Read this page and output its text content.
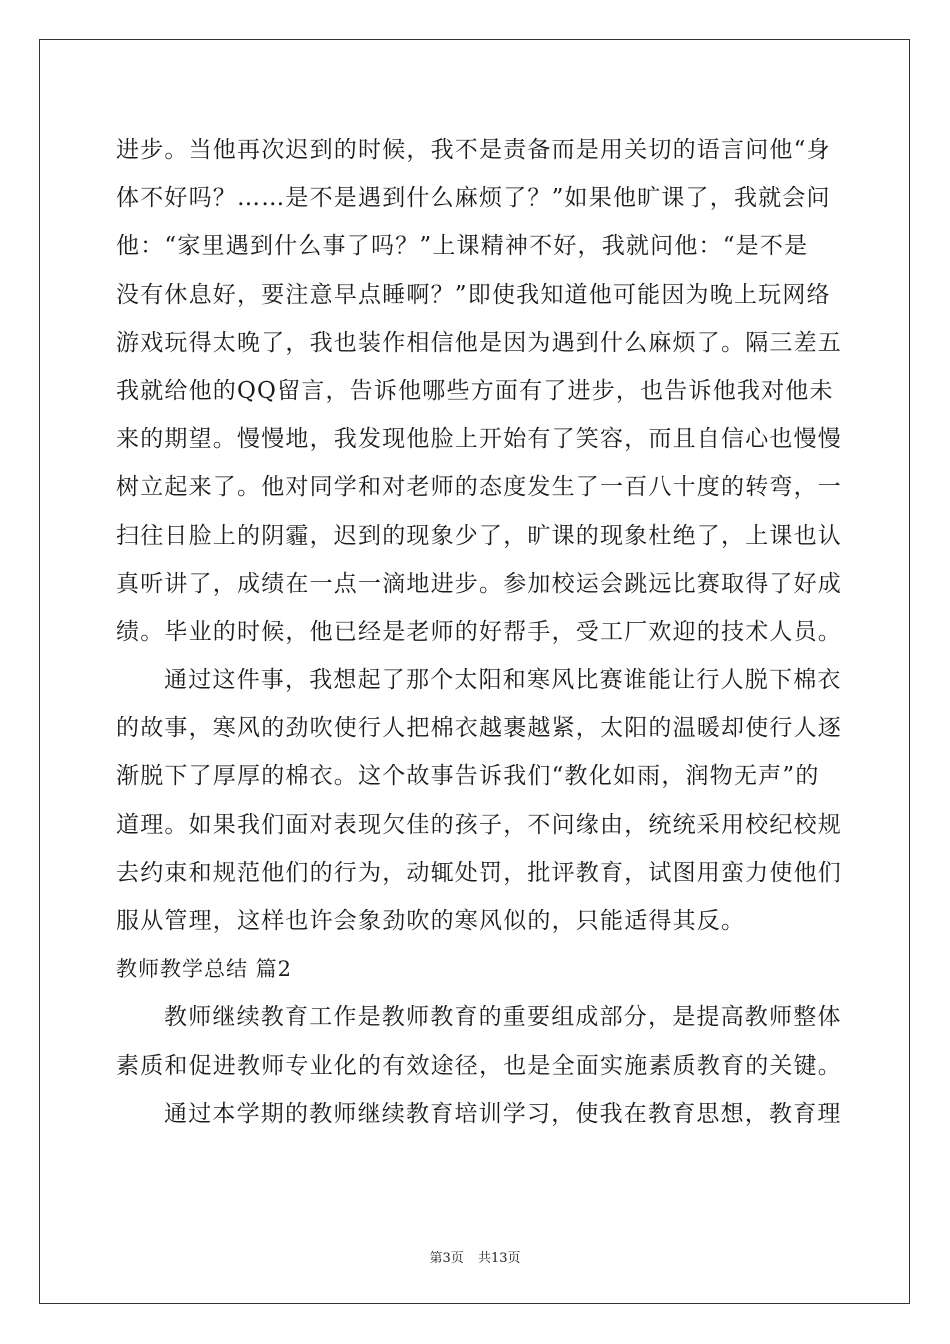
进步。当他再次迟到的时候，我不是责备而是用关切的语言问他“身
体不好吗？……是不是遇到什么麻烦了？”如果他旷课了，我就会问
他：“家里遇到什么事了吗？”上课精神不好，我就问他：“是不是
没有休息好，要注意早点睡啊？”即使我知道他可能因为晚上玩网络
游戏玩得太晚了，我也装作相信他是因为遇到什么麻烦了。隔三差五
我就给他的QQ留言，告诉他哪些方面有了进步，也告诉他我对他未
来的期望。慢慢地，我发现他脸上开始有了笑容，而且自信心也慢慢
树立起来了。他对同学和对老师的态度发生了一百八十度的转弯，一
扫往日脸上的阴霾，迟到的现象少了，旷课的现象杜绝了，上课也认
真听讲了，成绩在一点一滴地进步。参加校运会跳远比赛取得了好成
绩。毕业的时候，他已经是老师的好帮手，受工厂欢迎的技术人员。
通过这件事，我想起了那个太阳和寒风比赛谁能让行人脱下棉衣
的故事，寒风的劲吹使行人把棉衣越裹越紧，太阳的温暖却使行人逐
渐脱下了厚厚的棉衣。这个故事告诉我们“教化如雨，润物无声”的
道理。如果我们面对表现欠佳的孩子，不问缘由，统统采用校纪校规
去约束和规范他们的行为，动辄处罚，批评教育，试图用蛮力使他们
服从管理，这样也许会象劲吹的寒风似的，只能适得其反。
教师教学总结 篇2
教师继续教育工作是教师教育的重要组成部分，是提高教师整体
素质和促进教师专业化的有效途径，也是全面实施素质教育的关键。
通过本学期的教师继续教育培训学习，使我在教育思想，教育理
第3页 共13页
